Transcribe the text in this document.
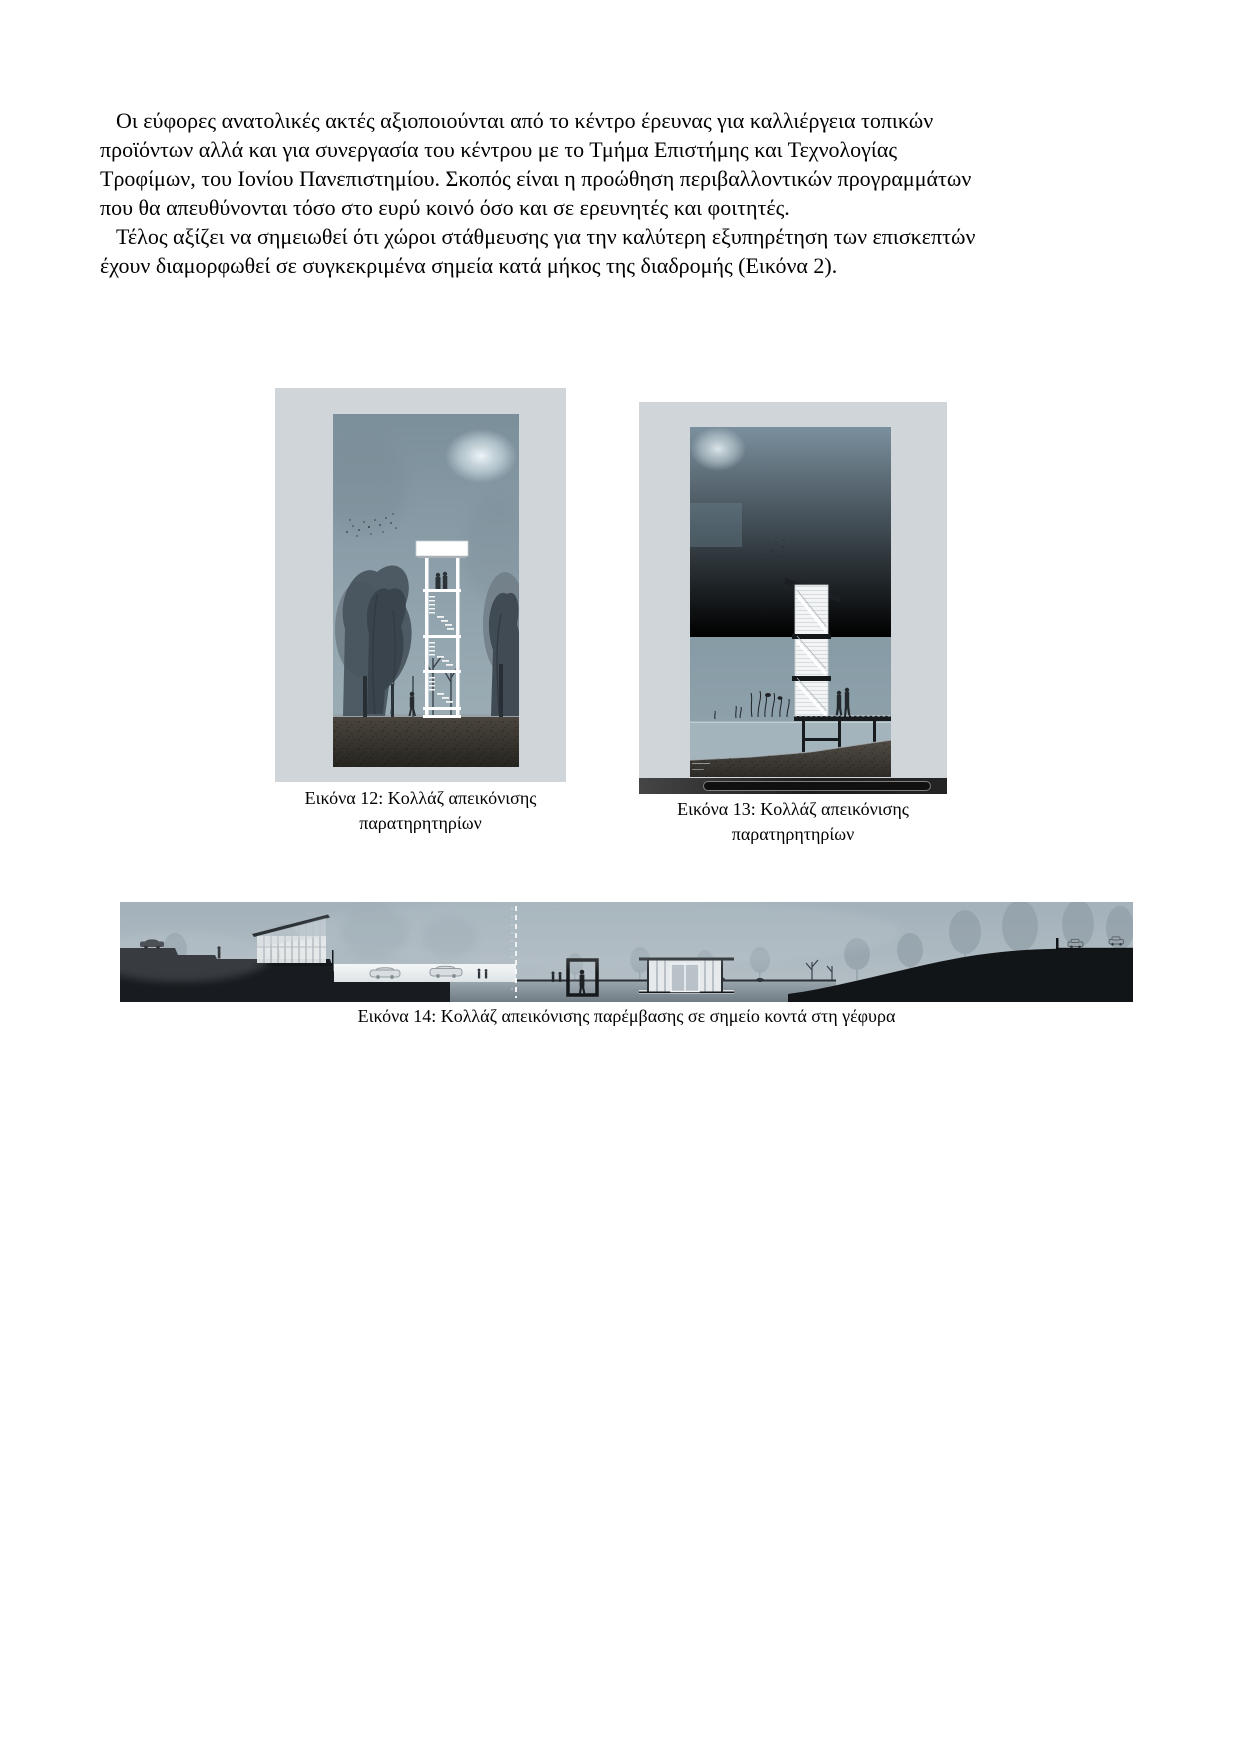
Οι εύφορες ανατολικές ακτές αξιοποιούνται από το κέντρο έρευνας για καλλιέργεια τοπικών
προϊόντων αλλά και για συνεργασία του κέντρου με το Τμήμα Επιστήμης και Τεχνολογίας
Τροφίμων, του Ιονίου Πανεπιστημίου. Σκοπός είναι η προώθηση περιβαλλοντικών προγραμμάτων
που θα απευθύνονται τόσο στο ευρύ κοινό όσο και σε ερευνητές και φοιτητές.

Τέλος αξίζει να σημειωθεί ότι χώροι στάθμευσης για την καλύτερη εξυπηρέτηση των επισκεπτών
έχουν διαμορφωθεί σε συγκεκριμένα σημεία κατά μήκος της διαδρομής (Εικόνα 2).

Εικόνα 12: Κολλάζ απεικόνισης παρατηρητηρίων
Εικόνα 13: Κολλάζ απεικόνισης παρατηρητηρίων
Εικόνα 14: Κολλάζ απεικόνισης παρέμβασης σε σημείο κοντά στη γέφυρα
